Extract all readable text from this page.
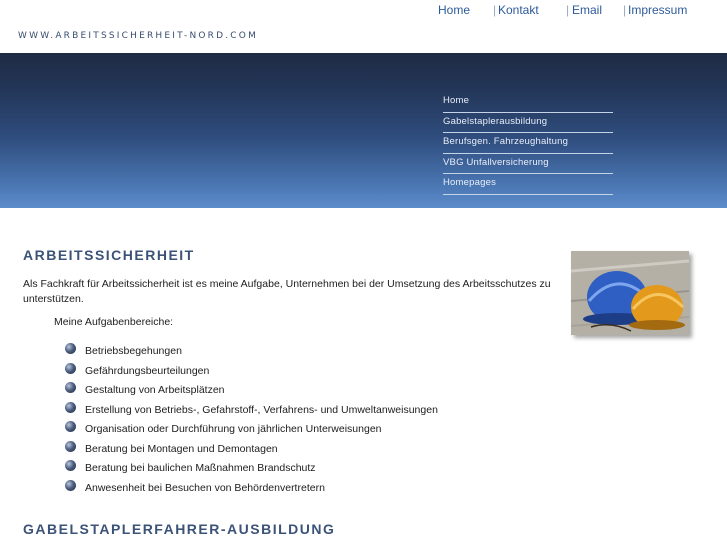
Home | Kontakt | Email | Impressum
WWW.ARBEITSSICHERHEIT-NORD.COM
Home
Gabelstaplerausbildung
Berufsgen. Fahrzeughaltung
VBG Unfallversicherung
Homepages
ARBEITSSICHERHEIT
Als Fachkraft für Arbeitssicherheit ist es meine Aufgabe, Unternehmen bei der Umsetzung des Arbeitsschutzes zu unterstützen.
Meine Aufgabenbereiche:
Betriebsbegehungen
Gefährdungsbeurteilungen
Gestaltung von Arbeitsplätzen
Erstellung von Betriebs-, Gefahrstoff-, Verfahrens- und Umweltanweisungen
Organisation oder Durchführung von jährlichen Unterweisungen
Beratung bei Montagen und Demontagen
Beratung bei baulichen Maßnahmen Brandschutz
Anwesenheit bei Besuchen von Behördenvertretern
GABELSTAPLERFAHRER-AUSBILDUNG
